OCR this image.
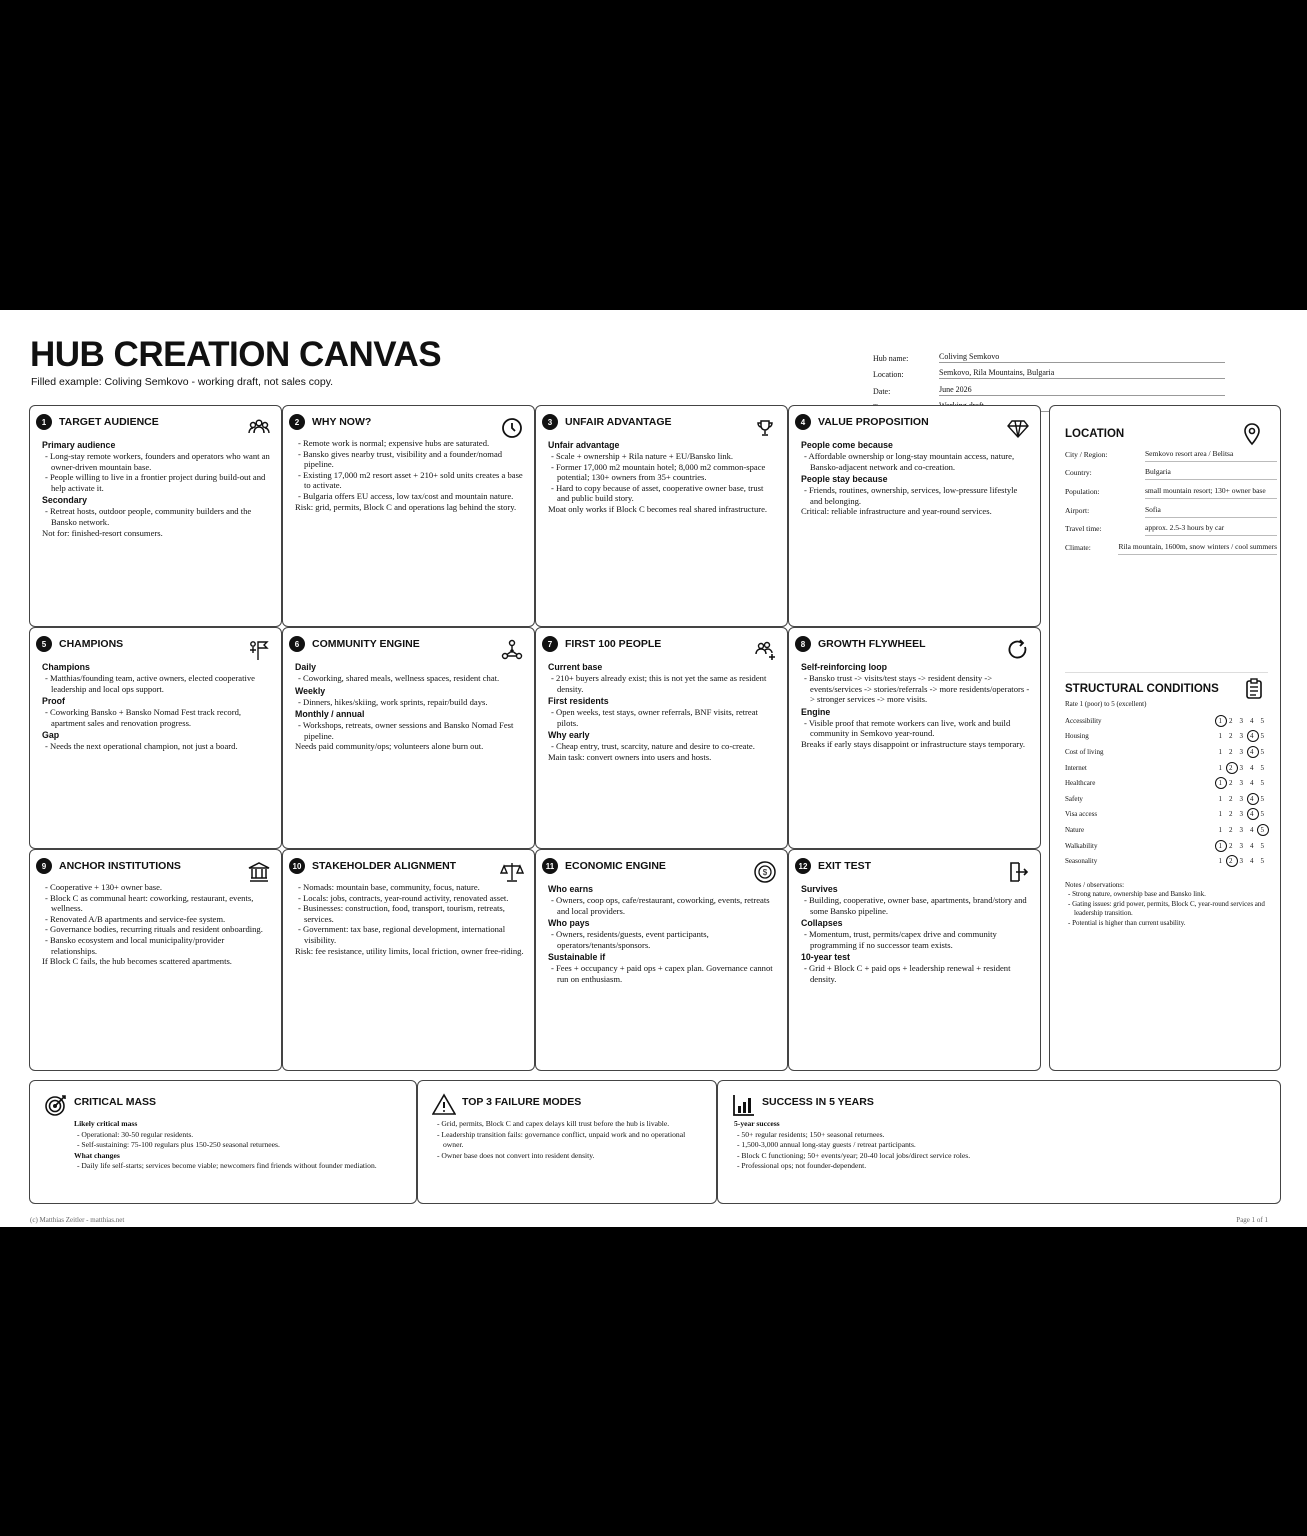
HUB CREATION CANVAS
Filled example: Coliving Semkovo - working draft, not sales copy.
Hub name:	Coliving Semkovo
Location:	Semkovo, Rila Mountains, Bulgaria
Date:	June 2026
1	TARGET AUDIENCE
Primary audience
- Long-stay remote workers, founders and operators who want an owner-driven mountain base.
- People willing to live in a frontier project during build-out and help activate it.
Secondary
- Retreat hosts, outdoor people, community builders and the Bansko network.
Not for: finished-resort consumers.
2	WHY NOW?
- Remote work is normal; expensive hubs are saturated.
- Bansko gives nearby trust, visibility and a founder/nomad pipeline.
- Existing 17,000 m2 resort asset + 210+ sold units creates a base to activate.
- Bulgaria offers EU access, low tax/cost and mountain nature.
Risk: grid, permits, Block C and operations lag behind the story.
3	UNFAIR ADVANTAGE
Unfair advantage
- Scale + ownership + Rila nature + EU/Bansko link.
- Former 17,000 m2 mountain hotel; 8,000 m2 common-space potential; 130+ owners from 35+ countries.
- Hard to copy because of asset, cooperative owner base, trust and public build story.
Moat only works if Block C becomes real shared infrastructure.
4	VALUE PROPOSITION
People come because
- Affordable ownership or long-stay mountain access, nature, Bansko-adjacent network and co-creation.
People stay because
- Friends, routines, ownership, services, low-pressure lifestyle and belonging.
Critical: reliable infrastructure and year-round services.
5	CHAMPIONS
Champions
- Matthias/founding team, active owners, elected cooperative leadership and local ops support.
Proof
- Coworking Bansko + Bansko Nomad Fest track record, apartment sales and renovation progress.
Gap
- Needs the next operational champion, not just a board.
6	COMMUNITY ENGINE
Daily
- Coworking, shared meals, wellness spaces, resident chat.
Weekly
- Dinners, hikes/skiing, work sprints, repair/build days.
Monthly / annual
- Workshops, retreats, owner sessions and Bansko Nomad Fest pipeline.
Needs paid community/ops; volunteers alone burn out.
7	FIRST 100 PEOPLE
Current base
- 210+ buyers already exist; this is not yet the same as resident density.
First residents
- Open weeks, test stays, owner referrals, BNF visits, retreat pilots.
Why early
- Cheap entry, trust, scarcity, nature and desire to co-create.
Main task: convert owners into users and hosts.
8	GROWTH FLYWHEEL
Self-reinforcing loop
- Bansko trust -> visits/test stays -> resident density -> events/services -> stories/referrals -> more residents/operators -> stronger services -> more visits.
Engine
- Visible proof that remote workers can live, work and build community in Semkovo year-round.
Breaks if early stays disappoint or infrastructure stays temporary.
9	ANCHOR INSTITUTIONS
- Cooperative + 130+ owner base.
- Block C as communal heart: coworking, restaurant, events, wellness.
- Renovated A/B apartments and service-fee system.
- Governance bodies, recurring rituals and resident onboarding.
- Bansko ecosystem and local municipality/provider relationships.
If Block C fails, the hub becomes scattered apartments.
10	STAKEHOLDER ALIGNMENT
- Nomads: mountain base, community, focus, nature.
- Locals: jobs, contracts, year-round activity, renovated asset.
- Businesses: construction, food, transport, tourism, retreats, services.
- Government: tax base, regional development, international visibility.
Risk: fee resistance, utility limits, local friction, owner free-riding.
11	ECONOMIC ENGINE
$
Who earns
- Owners, coop ops, cafe/restaurant, coworking, events, retreats and local providers.
Who pays
- Owners, residents/guests, event participants, operators/tenants/sponsors.
Sustainable if
- Fees + occupancy + paid ops + capex plan. Governance cannot run on enthusiasm.
12	EXIT TEST
Survives
- Building, cooperative, owner base, apartments, brand/story and some Bansko pipeline.
Collapses
- Momentum, trust, permits/capex drive and community programming if no successor team exists.
10-year test
- Grid + Block C + paid ops + leadership renewal + resident density.
LOCATION
City / Region:	Semkovo resort area / Belitsa
Country:	Bulgaria
Population:	small mountain resort; 130+ owner base
Airport:	Sofia
Travel time:	approx. 2.5-3 hours by car
Climate:	Rila mountain, 1600m, snow winters / cool summers
STRUCTURAL CONDITIONS
Rate 1 (poor) to 5 (excellent)
Accessibility	1	2	3	4	5
Housing	1	2	3	4	5
Cost of living	1	2	3	4	5
Internet	1	2	3	4	5
Healthcare	1	2	3	4	5
Safety	1	2	3	4	5
Visa access	1	2	3	4	5
Nature	1	2	3	4	5
Walkability	1	2	3	4	5
Seasonality	1	2	3	4	5
Notes / observations:
- Strong nature, ownership base and Bansko link.
- Gating issues: grid power, permits, Block C, year-round services and leadership transition.
- Potential is higher than current usability.
CRITICAL MASS
Likely critical mass
- Operational: 30-50 regular residents.
- Self-sustaining: 75-100 regulars plus 150-250 seasonal returnees.
What changes
- Daily life self-starts; services become viable; newcomers find friends without founder mediation.
TOP 3 FAILURE MODES
- Grid, permits, Block C and capex delays kill trust before the hub is livable.
- Leadership transition fails: governance conflict, unpaid work and no operational owner.
- Owner base does not convert into resident density.
SUCCESS IN 5 YEARS
5-year success
- 50+ regular residents; 150+ seasonal returnees.
- 1,500-3,000 annual long-stay guests / retreat participants.
- Block C functioning; 50+ events/year; 20-40 local jobs/direct service roles.
- Professional ops; not founder-dependent.
(c) Matthias Zeitler - matthias.net	Page 1 of 1
